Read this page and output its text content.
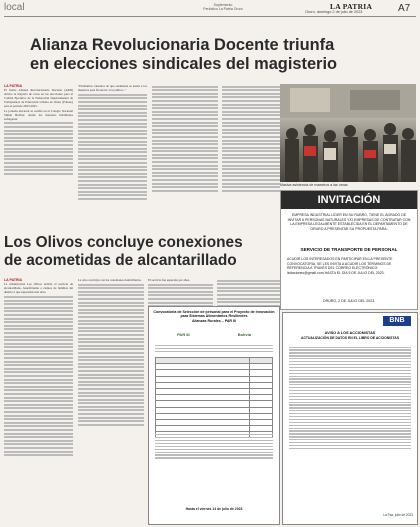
local	Suplemento
Periódico La Patria Oruro
Oruro, domingo 2 de julio de 2023
LA PATRIA	A7
Alianza Revolucionaria Docente triunfa
en elecciones sindicales del magisterio
LA PATRIA
El frente Alianza Revolucionaria Docente (ARD) obtuvo la mayoría de votos en las elecciones para el Comité Ejecutivo de la Federación Departamental de Trabajadores de Educación Urbana de Oruro (Fdteuo) para el periodo 2023-2025.
La jornada electoral se realizó en el Colegio Nacional Simón Bolívar, donde los maestros habilitados sufragaron.
"Estábamos cansados de que solamente se usaba a los maestros para favorecer a la política..."
Masiva asistencia de maestros a las urnas
INVITACIÓN
EMPRESA INDUSTRIAL LÍDER EN SU RUBRO, TIENE EL AGRADO DE INVITAR A PERSONAS NATURALES Y/O EMPRESAS DE CONTRATAR CON LA EMPRESA LEGALMENTE ESTABLECIDA EN EL DEPARTAMENTO DE ORURO A PRESENTAR SU PROPUESTA PARA:
SERVICIO DE TRANSPORTE DE PERSONAL
ACUDIR LOS INTERESADOS EN PARTICIPAR EN LA PRESENTE CONVOCATORIA, SE LES INVITA A ACUDIR LOS TÉRMINOS DE REFERENCIA A TRAVÉS DEL CORREO ELECTRÓNICO: licitaciones@gmail.com HASTA EL DÍA 5 DE JULIO DEL 2023.
ORURO, 2 DE JULIO DEL 2023.
Los Olivos concluye conexiones
de acometidas de alcantarillado
LA PATRIA
La urbanización Los Olivos recibió el servicio de alcantarillado, beneficiando a cientos de familias del distrito 2 que esperaban esta obra.
La obra concluyó con las conexiones domiciliarias.	El servicio fue esperado por años.
Convocatoria de Selección de personal para el Proyecto de Innovación para Sistemas Alimentarios Resilientes
Alianzas Rurales – PAR III
PAR III	Bolivia

Hasta el viernes 14 de julio de 2023
BNB
AVISO A LOS ACCIONISTAS
ACTUALIZACIÓN DE DATOS EN EL LIBRO DE ACCIONISTAS
La Paz, julio de 2023
